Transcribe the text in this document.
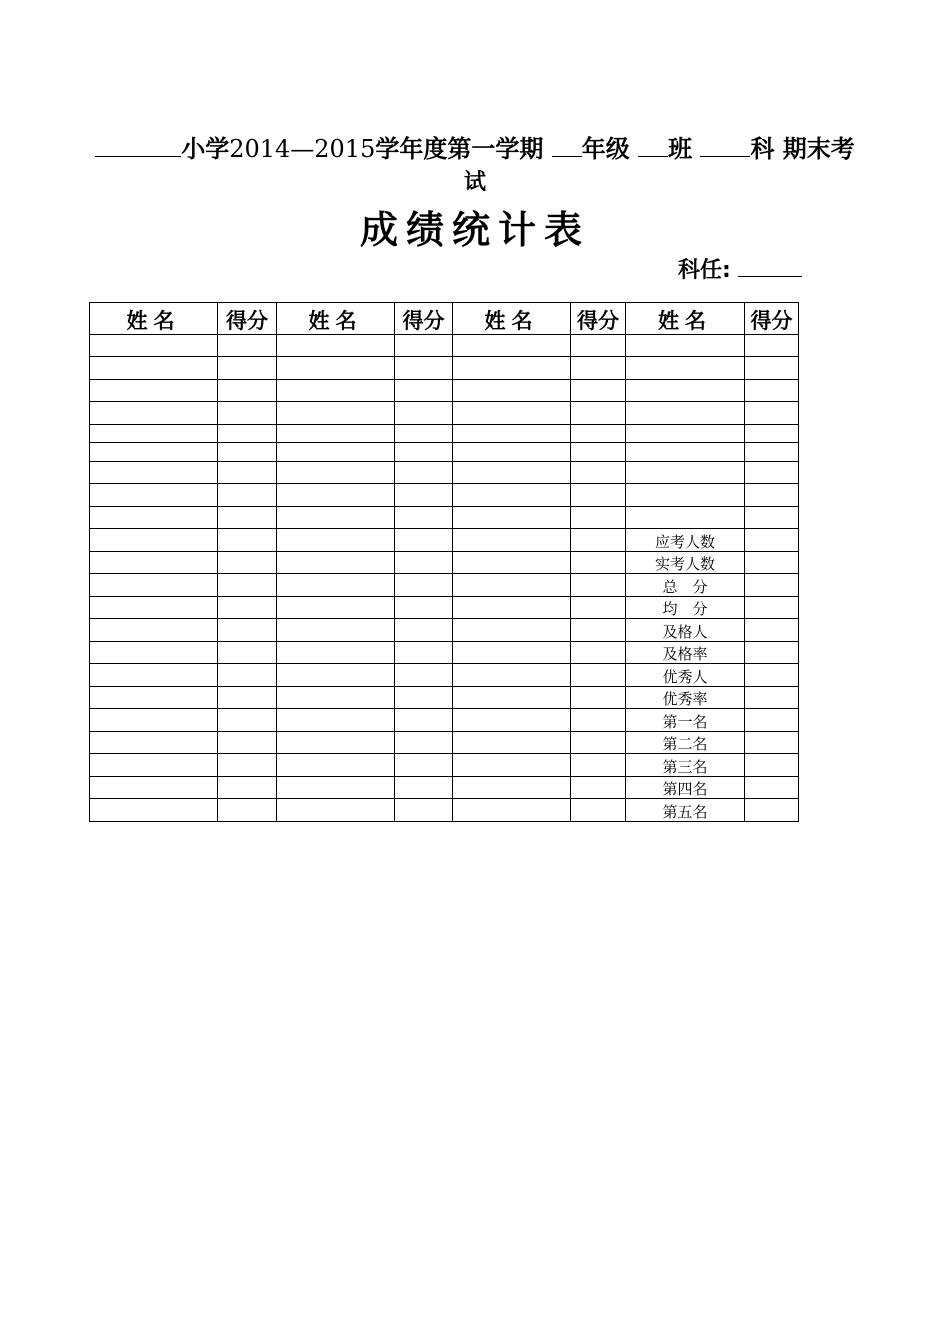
小学2014—2015学年度第一学期 年级 班 科 期末考
试
成绩统计表
科任:
姓名	得分	姓名	得分	姓名	得分	姓名	得分

						应考人数	
						实考人数	
						总　分	
						均　分	
						及格人	
						及格率	
						优秀人	
						优秀率	
						第一名	
						第二名	
						第三名	
						第四名	
						第五名	
